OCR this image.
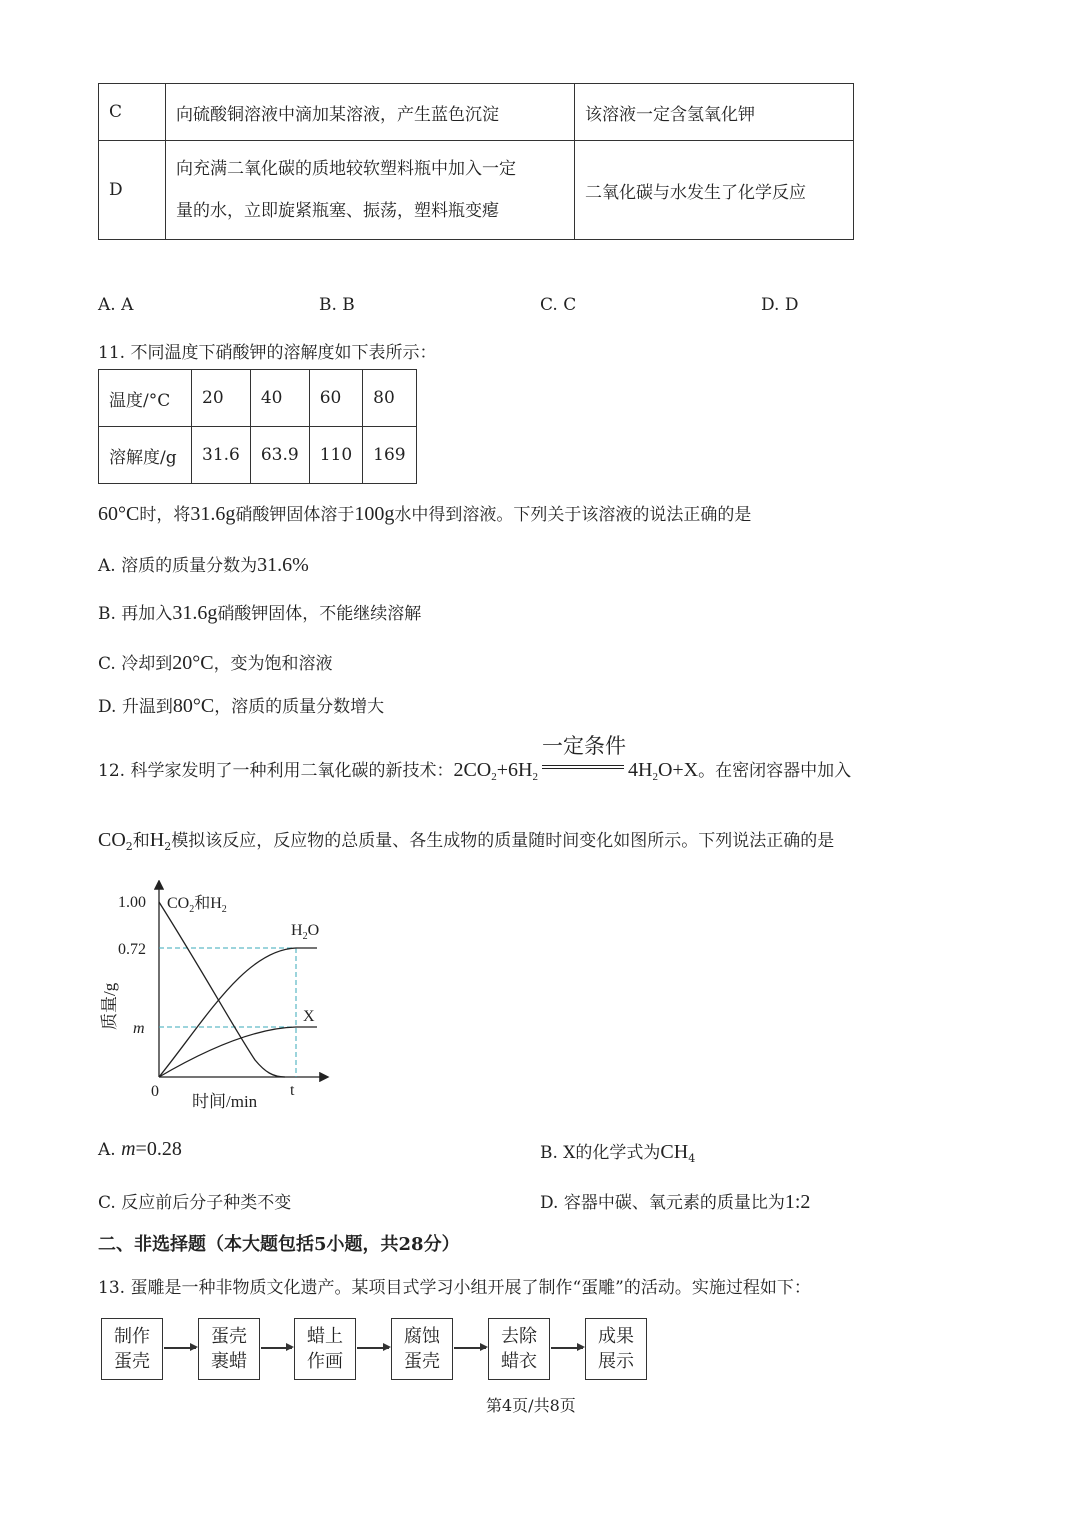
C	向硫酸铜溶液中滴加某溶液，产生蓝色沉淀	该溶液一定含氢氧化钾
D	向充满二氧化碳的质地较软塑料瓶中加入一定
量的水，立即旋紧瓶塞、振荡，塑料瓶变瘪	二氧化碳与水发生了化学反应
A. A	B. B	C. C	D. D
11. 不同温度下硝酸钾的溶解度如下表所示：
温度/°C	20	40	60	80
溶解度/g	31.6	63.9	110	169
60°C时，将31.6g硝酸钾固体溶于100g水中得到溶液。下列关于该溶液的说法正确的是
A. 溶质的质量分数为31.6%
B. 再加入31.6g硝酸钾固体，不能继续溶解
C. 冷却到20°C，变为饱和溶液
D. 升温到80°C，溶质的质量分数增大
12. 科学家发明了一种利用二氧化碳的新技术：$2CO_2+6H_2$
一定条件
$4H_2O+X$。在密闭容器中加入
$CO_2$和$H_2$模拟该反应，反应物的总质量、各生成物的质量随时间变化如图所示。下列说法正确的是
1.00
0.72
m
0	t
时间/min
质量/g
$CO_2$和$H_2$
$H_2O$
X
A. m=0.28	B. X的化学式为$CH_4$
C. 反应前后分子种类不变	D. 容器中碳、氧元素的质量比为1:2
二、非选择题（本大题包括5小题，共28分）
13. 蛋雕是一种非物质文化遗产。某项目式学习小组开展了制作“蛋雕”的活动。实施过程如下：
制作
蛋壳
蛋壳
裹蜡
蜡上
作画
腐蚀
蛋壳
去除
蜡衣
成果
展示
第4页/共8页
